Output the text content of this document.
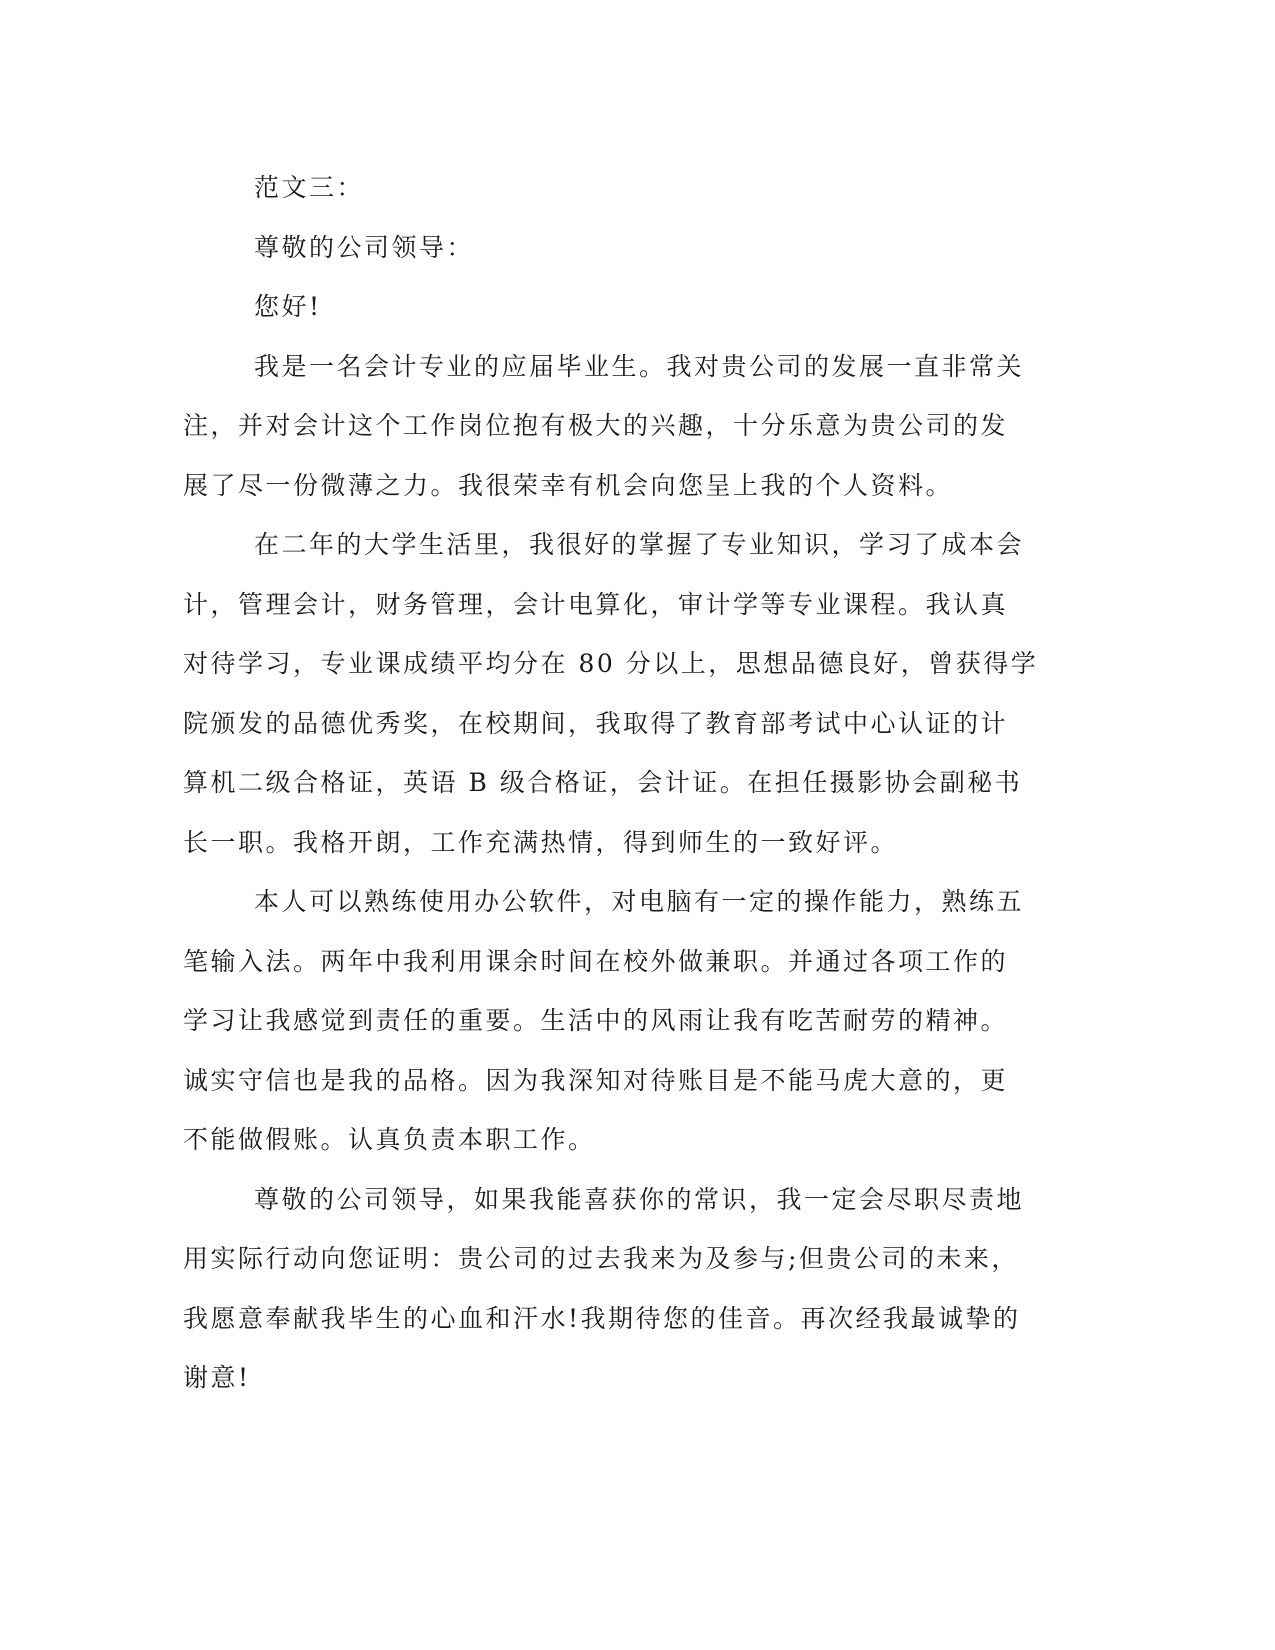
范文三：
尊敬的公司领导：
您好!
我是一名会计专业的应届毕业生。我对贵公司的发展一直非常关
注，并对会计这个工作岗位抱有极大的兴趣，十分乐意为贵公司的发
展了尽一份微薄之力。我很荣幸有机会向您呈上我的个人资料。
在二年的大学生活里，我很好的掌握了专业知识，学习了成本会
计，管理会计，财务管理，会计电算化，审计学等专业课程。我认真
对待学习，专业课成绩平均分在 80 分以上，思想品德良好，曾获得学
院颁发的品德优秀奖，在校期间，我取得了教育部考试中心认证的计
算机二级合格证，英语 B 级合格证，会计证。在担任摄影协会副秘书
长一职。我格开朗，工作充满热情，得到师生的一致好评。
本人可以熟练使用办公软件，对电脑有一定的操作能力，熟练五
笔输入法。两年中我利用课余时间在校外做兼职。并通过各项工作的
学习让我感觉到责任的重要。生活中的风雨让我有吃苦耐劳的精神。
诚实守信也是我的品格。因为我深知对待账目是不能马虎大意的，更
不能做假账。认真负责本职工作。
尊敬的公司领导，如果我能喜获你的常识，我一定会尽职尽责地
用实际行动向您证明：贵公司的过去我来为及参与;但贵公司的未来，
我愿意奉献我毕生的心血和汗水!我期待您的佳音。再次经我最诚挚的
谢意!
